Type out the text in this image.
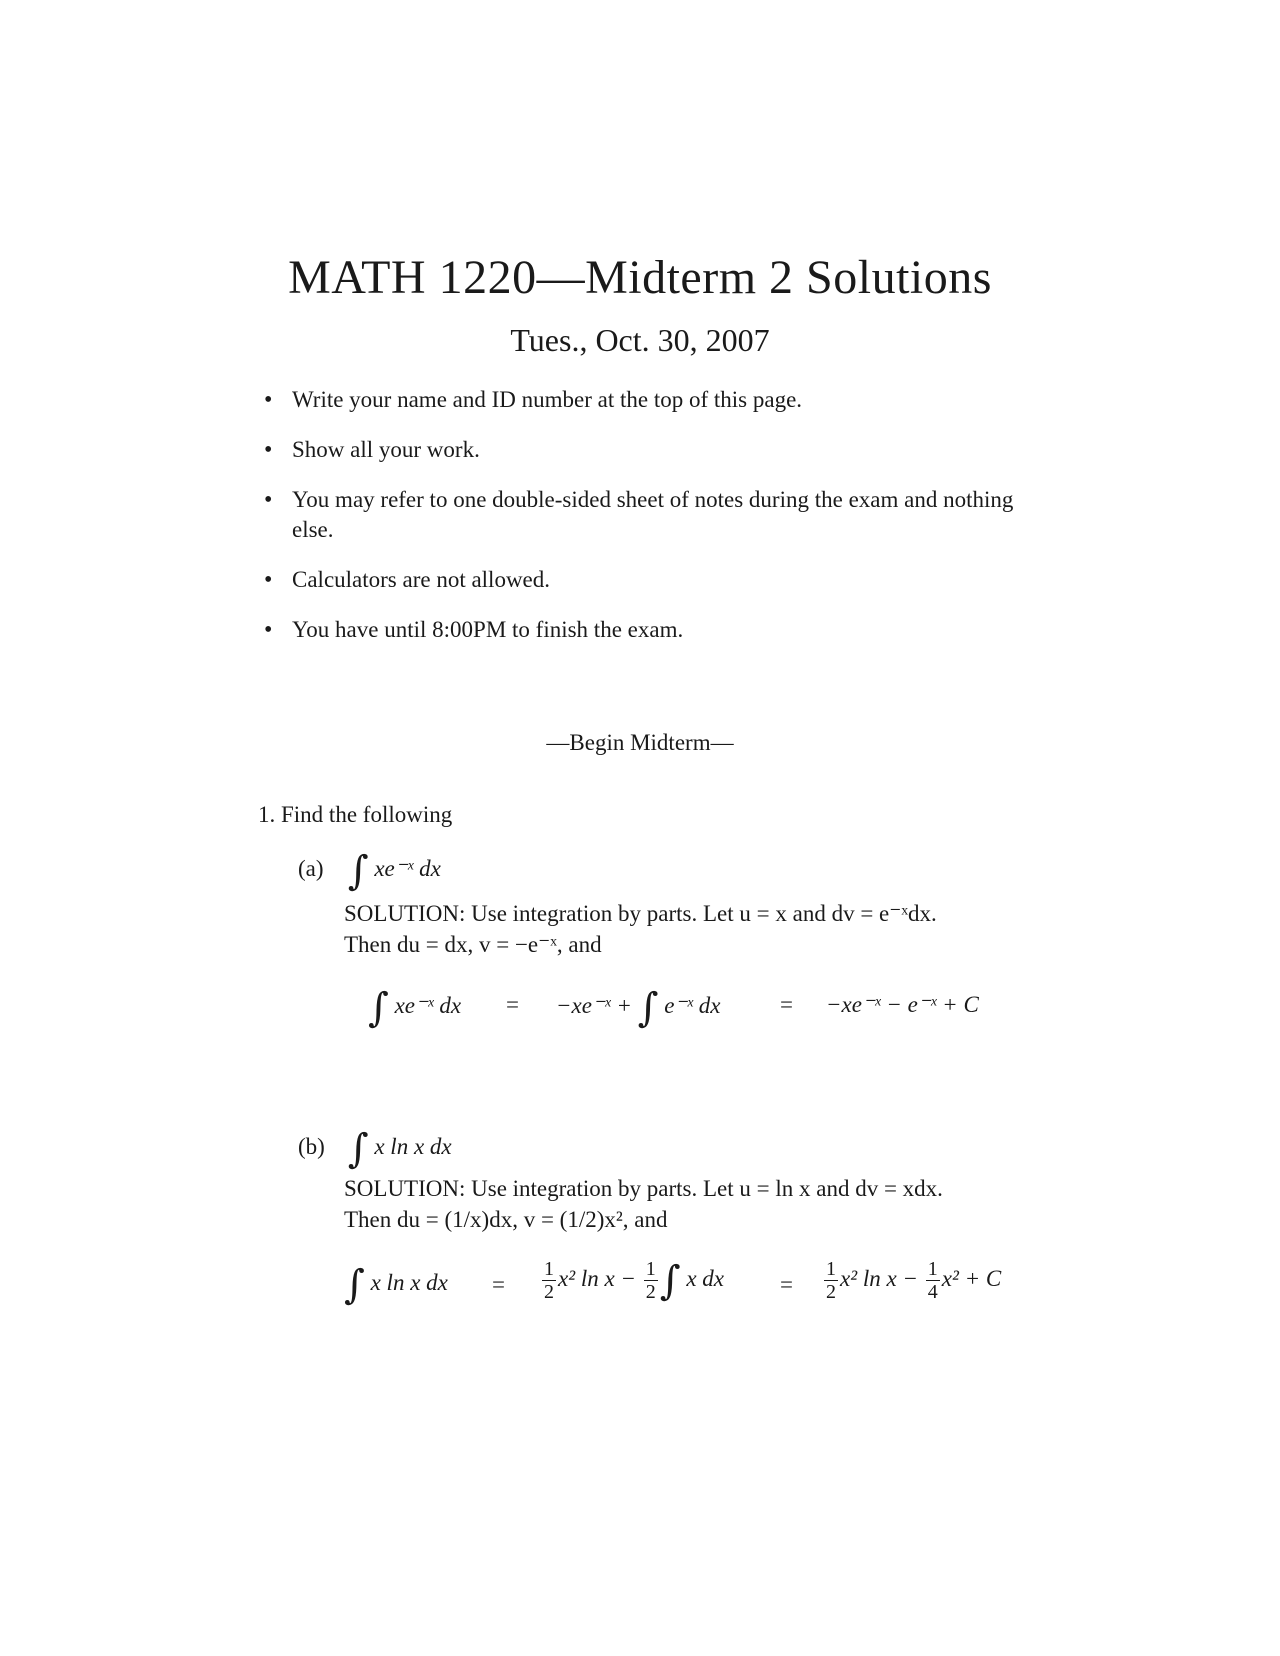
MATH 1220—Midterm 2 Solutions
Tues., Oct. 30, 2007
• Write your name and ID number at the top of this page.
• Show all your work.
• You may refer to one double-sided sheet of notes during the exam and nothing else.
• Calculators are not allowed.
• You have until 8:00PM to finish the exam.
—Begin Midterm—
1. Find the following
(a) ∫ xe⁻ˣ dx
SOLUTION: Use integration by parts. Let u = x and dv = e⁻ˣdx.
Then du = dx, v = −e⁻ˣ, and
∫ xe⁻ˣ dx = −xe⁻ˣ + ∫ e⁻ˣ dx	= −xe⁻ˣ − e⁻ˣ + C
(b) ∫ x ln x dx
SOLUTION: Use integration by parts. Let u = ln x and dv = xdx.
Then du = (1/x)dx, v = (1/2)x², and
∫ x ln x dx = $\frac{1}{2} x^2$ $\ln x - \frac{1}{2}$ ∫ x dx = $\frac{1}{2} x^2$ $\ln x - \frac{1}{4} x^2 + C$
